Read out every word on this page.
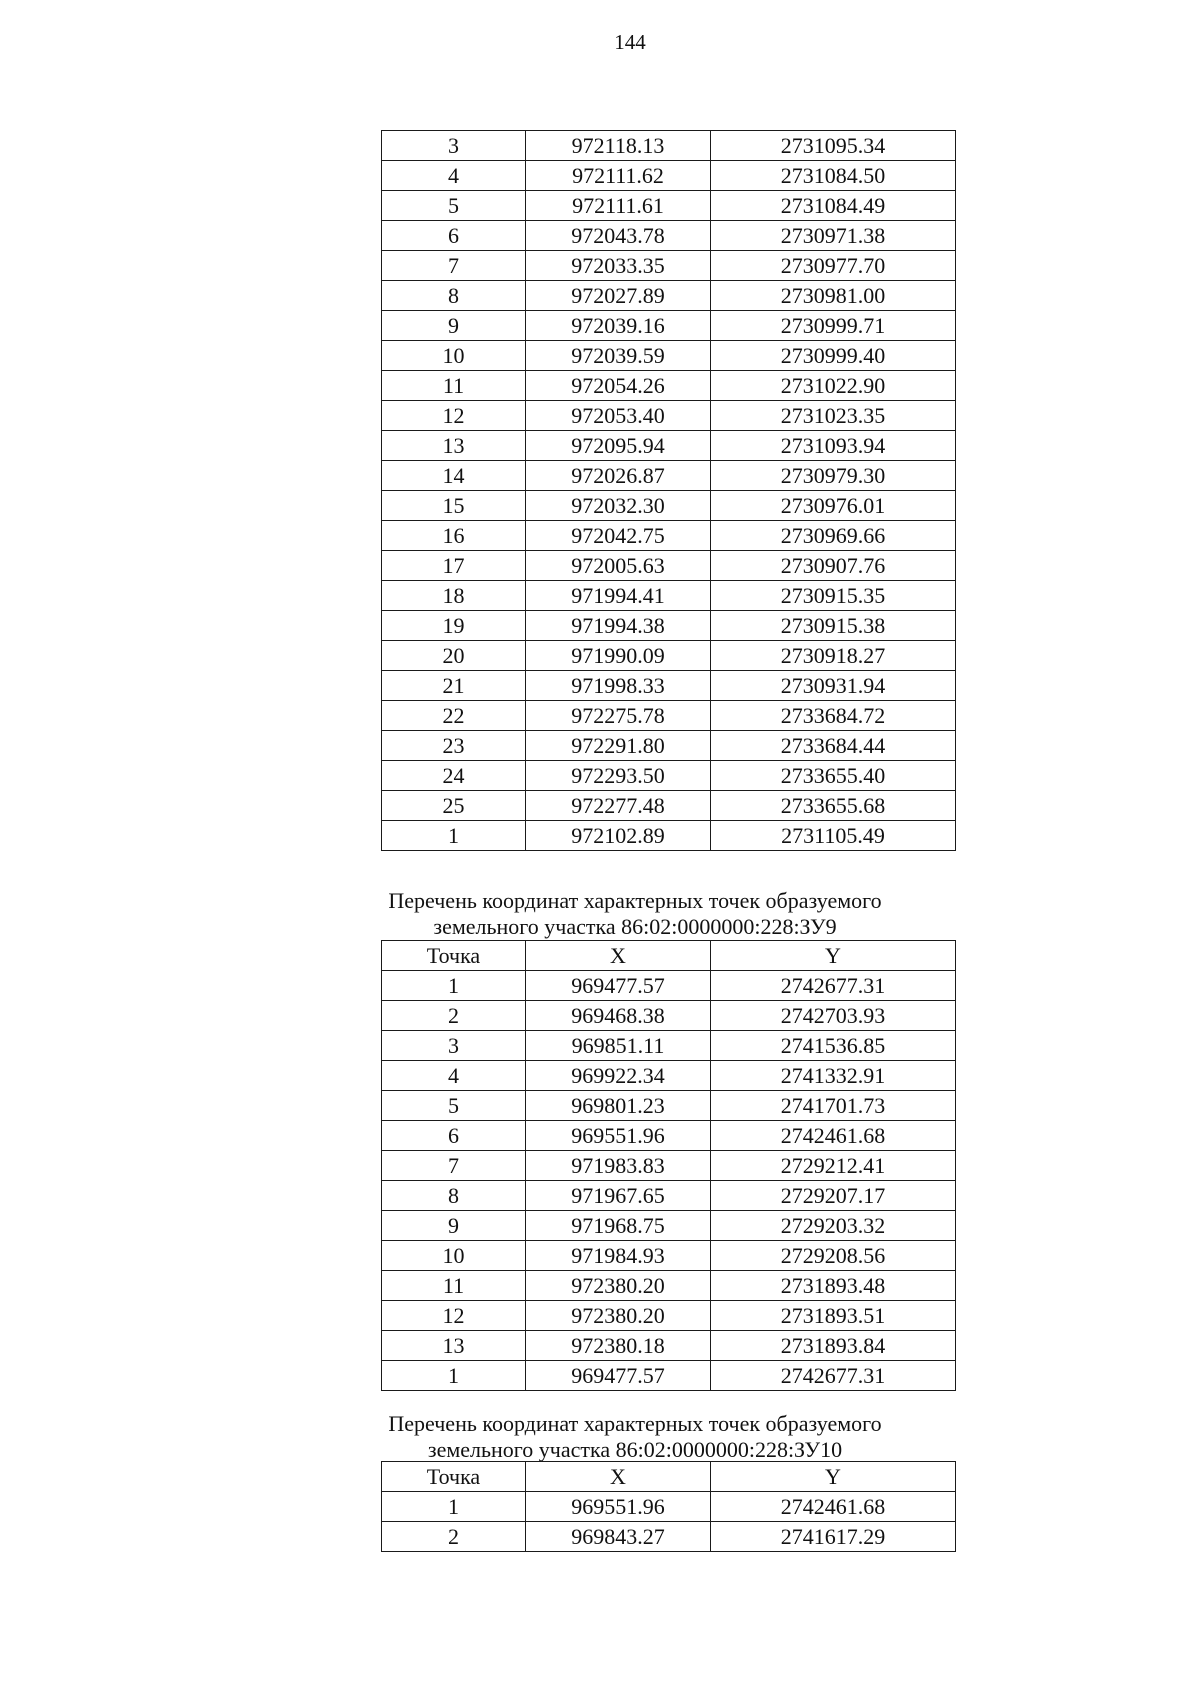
144
3	972118.13	2731095.34
4	972111.62	2731084.50
5	972111.61	2731084.49
6	972043.78	2730971.38
7	972033.35	2730977.70
8	972027.89	2730981.00
9	972039.16	2730999.71
10	972039.59	2730999.40
11	972054.26	2731022.90
12	972053.40	2731023.35
13	972095.94	2731093.94
14	972026.87	2730979.30
15	972032.30	2730976.01
16	972042.75	2730969.66
17	972005.63	2730907.76
18	971994.41	2730915.35
19	971994.38	2730915.38
20	971990.09	2730918.27
21	971998.33	2730931.94
22	972275.78	2733684.72
23	972291.80	2733684.44
24	972293.50	2733655.40
25	972277.48	2733655.68
1	972102.89	2731105.49
Перечень координат характерных точек образуемого
земельного участка 86:02:0000000:228:ЗУ9
Точка	X	Y
1	969477.57	2742677.31
2	969468.38	2742703.93
3	969851.11	2741536.85
4	969922.34	2741332.91
5	969801.23	2741701.73
6	969551.96	2742461.68
7	971983.83	2729212.41
8	971967.65	2729207.17
9	971968.75	2729203.32
10	971984.93	2729208.56
11	972380.20	2731893.48
12	972380.20	2731893.51
13	972380.18	2731893.84
1	969477.57	2742677.31
Перечень координат характерных точек образуемого
земельного участка 86:02:0000000:228:ЗУ10
Точка	X	Y
1	969551.96	2742461.68
2	969843.27	2741617.29
